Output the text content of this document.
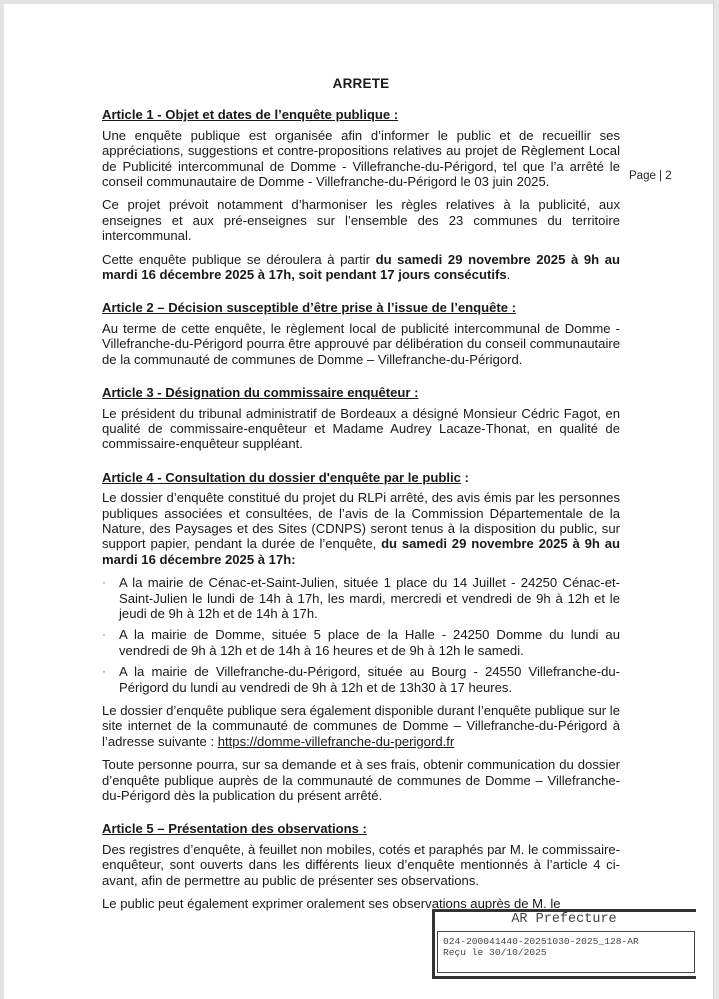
Page | 2
ARRETE
Article 1 - Objet et dates de l’enquête publique :

Une enquête publique est organisée afin d’informer le public et de recueillir ses appréciations, suggestions et contre-propositions relatives au projet de Règlement Local de Publicité intercommunal de Domme - Villefranche-du-Périgord, tel que l’a arrêté le conseil communautaire de Domme - Villefranche-du-Périgord le 03 juin 2025.

Ce projet prévoit notamment d’harmoniser les règles relatives à la publicité, aux enseignes et aux pré-enseignes sur l’ensemble des 23 communes du territoire intercommunal.

Cette enquête publique se déroulera à partir du samedi 29 novembre 2025 à 9h au mardi 16 décembre 2025 à 17h, soit pendant 17 jours consécutifs.

Article 2 – Décision susceptible d’être prise à l’issue de l’enquête :

Au terme de cette enquête, le règlement local de publicité intercommunal de Domme - Villefranche-du-Périgord pourra être approuvé par délibération du conseil communautaire de la communauté de communes de Domme – Villefranche-du-Périgord.

Article 3 - Désignation du commissaire enquêteur :

Le président du tribunal administratif de Bordeaux a désigné Monsieur Cédric Fagot, en qualité de commissaire-enquêteur et Madame Audrey Lacaze-Thonat, en qualité de commissaire-enquêteur suppléant.

Article 4 - Consultation du dossier d'enquête par le public :

Le dossier d’enquête constitué du projet du RLPi arrêté, des avis émis par les personnes publiques associées et consultées, de l’avis de la Commission Départementale de la Nature, des Paysages et des Sites (CDNPS) seront tenus à la disposition du public, sur support papier, pendant la durée de l’enquête, du samedi 29 novembre 2025 à 9h au mardi 16 décembre 2025 à 17h:

· A la mairie de Cénac-et-Saint-Julien, située 1 place du 14 Juillet - 24250 Cénac-et-Saint-Julien le lundi de 14h à 17h, les mardi, mercredi et vendredi de 9h à 12h et le jeudi de 9h à 12h et de 14h à 17h.
· A la mairie de Domme, située 5 place de la Halle - 24250 Domme du lundi au vendredi de 9h à 12h et de 14h à 16 heures et de 9h à 12h le samedi.
· A la mairie de Villefranche-du-Périgord, située au Bourg - 24550 Villefranche-du-Périgord du lundi au vendredi de 9h à 12h et de 13h30 à 17 heures.

Le dossier d’enquête publique sera également disponible durant l’enquête publique sur le site internet de la communauté de communes de Domme – Villefranche-du-Périgord à l’adresse suivante : https://domme-villefranche-du-perigord.fr

Toute personne pourra, sur sa demande et à ses frais, obtenir communication du dossier d’enquête publique auprès de la communauté de communes de Domme – Villefranche-du-Périgord dès la publication du présent arrêté.

Article 5 – Présentation des observations :

Des registres d’enquête, à feuillet non mobiles, cotés et paraphés par M. le commissaire-enquêteur, sont ouverts dans les différents lieux d’enquête mentionnés à l’article 4 ci-avant, afin de permettre au public de présenter ses observations.

Le public peut également exprimer oralement ses observations auprès de M. le

AR Prefecture
024-200041440-20251030-2025_128-AR
Reçu le 30/10/2025
